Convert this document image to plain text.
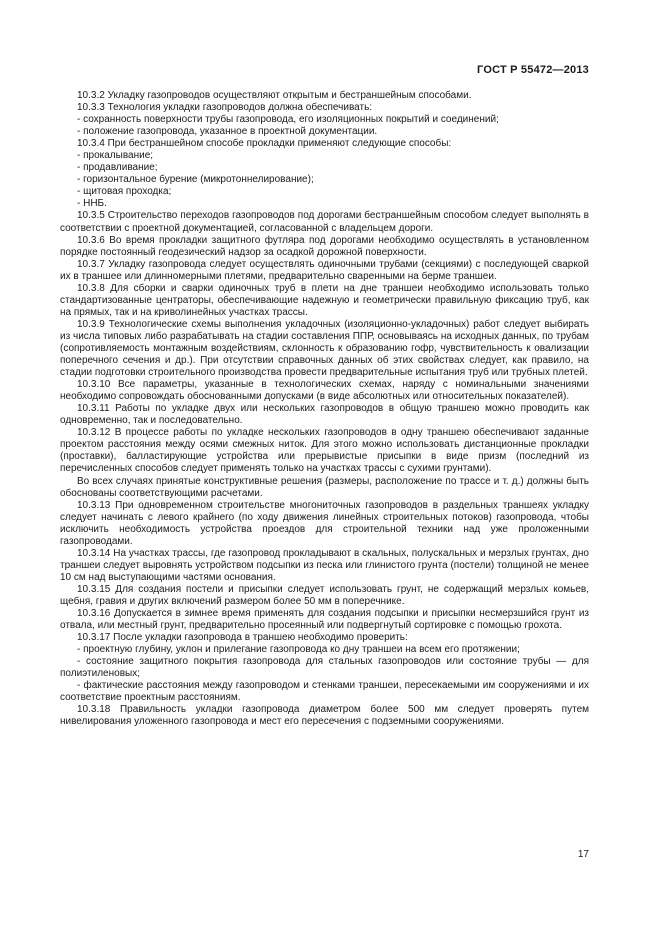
ГОСТ Р 55472—2013

10.3.2 Укладку газопроводов осуществляют открытым и бестраншейным способами.

10.3.3 Технология укладки газопроводов должна обеспечивать:

- сохранность поверхности трубы газопровода, его изоляционных покрытий и соединений;

- положение газопровода, указанное в проектной документации.

10.3.4 При бестраншейном способе прокладки применяют следующие способы:

- прокалывание;

- продавливание;

- горизонтальное бурение (микротоннелирование);

- щитовая проходка;

- ННБ.

10.3.5 Строительство переходов газопроводов под дорогами бестраншейным способом следует выполнять в соответствии с проектной документацией, согласованной с владельцем дороги.

10.3.6 Во время прокладки защитного футляра под дорогами необходимо осуществлять в установленном порядке постоянный геодезический надзор за осадкой дорожной поверхности.

10.3.7 Укладку газопровода следует осуществлять одиночными трубами (секциями) с последующей сваркой их в траншее или длинномерными плетями, предварительно сваренными на берме траншеи.

10.3.8 Для сборки и сварки одиночных труб в плети на дне траншеи необходимо использовать только стандартизованные центраторы, обеспечивающие надежную и геометрически правильную фиксацию труб, как на прямых, так и на криволинейных участках трассы.

10.3.9 Технологические схемы выполнения укладочных (изоляционно-укладочных) работ следует выбирать из числа типовых либо разрабатывать на стадии составления ППР, основываясь на исходных данных, по трубам (сопротивляемость монтажным воздействиям, склонность к образованию гофр, чувствительность к овализации поперечного сечения и др.). При отсутствии справочных данных об этих свойствах следует, как правило, на стадии подготовки строительного производства провести предварительные испытания труб или трубных плетей.

10.3.10 Все параметры, указанные в технологических схемах, наряду с номинальными значениями необходимо сопровождать обоснованными допусками (в виде абсолютных или относительных показателей).

10.3.11 Работы по укладке двух или нескольких газопроводов в общую траншею можно проводить как одновременно, так и последовательно.

10.3.12 В процессе работы по укладке нескольких газопроводов в одну траншею обеспечивают заданные проектом расстояния между осями смежных ниток. Для этого можно использовать дистанционные прокладки (проставки), балластирующие устройства или прерывистые присыпки в виде призм (последний из перечисленных способов следует применять только на участках трассы с сухими грунтами).

Во всех случаях принятые конструктивные решения (размеры, расположение по трассе и т. д.) должны быть обоснованы соответствующими расчетами.

10.3.13 При одновременном строительстве многониточных газопроводов в раздельных траншеях укладку следует начинать с левого крайнего (по ходу движения линейных строительных потоков) газопровода, чтобы исключить необходимость устройства проездов для строительной техники над уже проложенными газопроводами.

10.3.14 На участках трассы, где газопровод прокладывают в скальных, полускальных и мерзлых грунтах, дно траншеи следует выровнять устройством подсыпки из песка или глинистого грунта (постели) толщиной не менее 10 см над выступающими частями основания.

10.3.15 Для создания постели и присыпки следует использовать грунт, не содержащий мерзлых комьев, щебня, гравия и других включений размером более 50 мм в поперечнике.

10.3.16 Допускается в зимнее время применять для создания подсыпки и присыпки несмерзшийся грунт из отвала, или местный грунт, предварительно просеянный или подвергнутый сортировке с помощью грохота.

10.3.17 После укладки газопровода в траншею необходимо проверить:

- проектную глубину, уклон и прилегание газопровода ко дну траншеи на всем его протяжении;

- состояние защитного покрытия газопровода для стальных газопроводов или состояние трубы — для полиэтиленовых;

- фактические расстояния между газопроводом и стенками траншеи, пересекаемыми им сооружениями и их соответствие проектным расстояниям.

10.3.18 Правильность укладки газопровода диаметром более 500 мм следует проверять путем нивелирования уложенного газопровода и мест его пересечения с подземными сооружениями.

17
